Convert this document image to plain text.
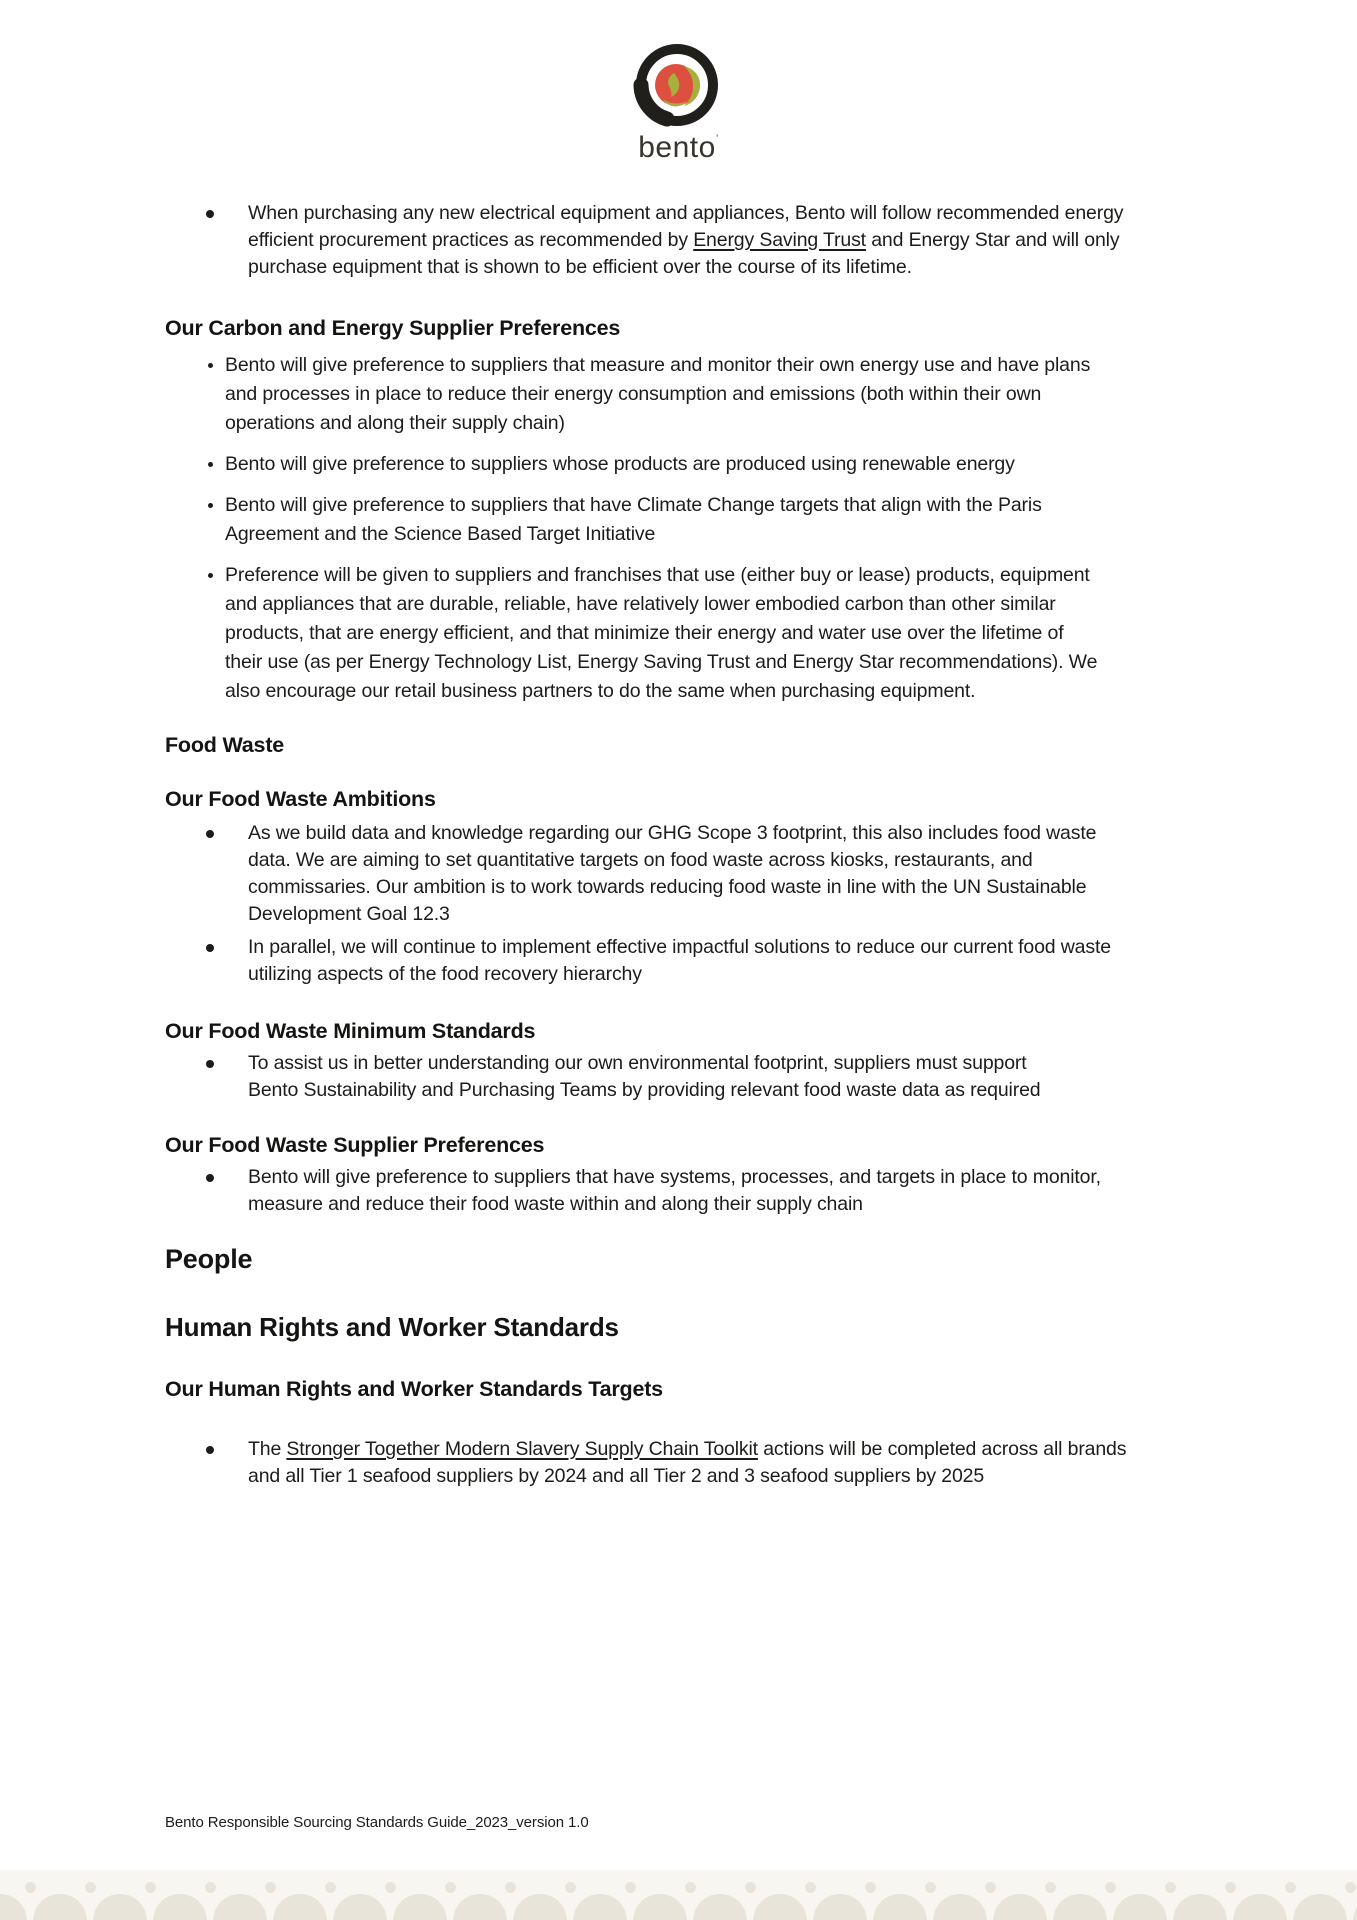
bento’
When purchasing any new electrical equipment and appliances, Bento will follow recommended energy efficient procurement practices as recommended by Energy Saving Trust and Energy Star and will only purchase equipment that is shown to be efficient over the course of its lifetime.
Our Carbon and Energy Supplier Preferences
Bento will give preference to suppliers that measure and monitor their own energy use and have plans and processes in place to reduce their energy consumption and emissions (both within their own operations and along their supply chain)
Bento will give preference to suppliers whose products are produced using renewable energy
Bento will give preference to suppliers that have Climate Change targets that align with the Paris Agreement and the Science Based Target Initiative
Preference will be given to suppliers and franchises that use (either buy or lease) products, equipment and appliances that are durable, reliable, have relatively lower embodied carbon than other similar products, that are energy efficient, and that minimize their energy and water use over the lifetime of their use (as per Energy Technology List, Energy Saving Trust and Energy Star recommendations). We also encourage our retail business partners to do the same when purchasing equipment.
Food Waste
Our Food Waste Ambitions
As we build data and knowledge regarding our GHG Scope 3 footprint, this also includes food waste data. We are aiming to set quantitative targets on food waste across kiosks, restaurants, and commissaries. Our ambition is to work towards reducing food waste in line with the UN Sustainable Development Goal 12.3
In parallel, we will continue to implement effective impactful solutions to reduce our current food waste utilizing aspects of the food recovery hierarchy
Our Food Waste Minimum Standards
To assist us in better understanding our own environmental footprint, suppliers must support Bento Sustainability and Purchasing Teams by providing relevant food waste data as required
Our Food Waste Supplier Preferences
Bento will give preference to suppliers that have systems, processes, and targets in place to monitor, measure and reduce their food waste within and along their supply chain
People
Human Rights and Worker Standards
Our Human Rights and Worker Standards Targets
The Stronger Together Modern Slavery Supply Chain Toolkit actions will be completed across all brands and all Tier 1 seafood suppliers by 2024 and all Tier 2 and 3 seafood suppliers by 2025
Bento Responsible Sourcing Standards Guide_2023_version 1.0
